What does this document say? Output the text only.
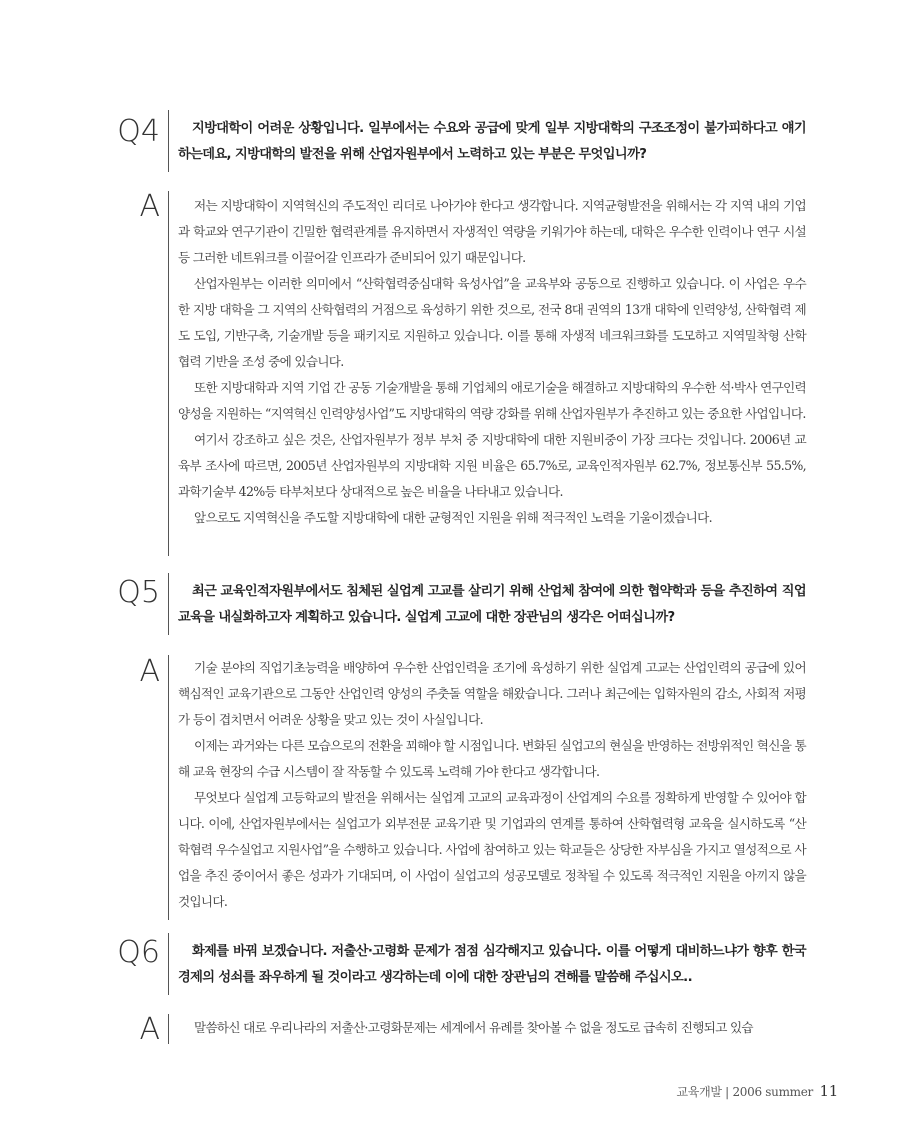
Q4	지방대학이 어려운 상황입니다. 일부에서는 수요와 공급에 맞게 일부 지방대학의 구조조정이 불가피하다고 얘기하는데요, 지방대학의 발전을 위해 산업자원부에서 노력하고 있는 부분은 무엇입니까?
A	저는 지방대학이 지역혁신의 주도적인 리더로 나아가야 한다고 생각합니다. 지역균형발전을 위해서는 각 지역 내의 기업과 학교와 연구기관이 긴밀한 협력관계를 유지하면서 자생적인 역량을 키워가야 하는데, 대학은 우수한 인력이나 연구 시설 등 그러한 네트워크를 이끌어갈 인프라가 준비되어 있기 때문입니다.

산업자원부는 이러한 의미에서 “산학협력중심대학 육성사업”을 교육부와 공동으로 진행하고 있습니다. 이 사업은 우수한 지방 대학을 그 지역의 산학협력의 거점으로 육성하기 위한 것으로, 전국 8대 권역의 13개 대학에 인력양성, 산학협력 제도 도입, 기반구축, 기술개발 등을 패키지로 지원하고 있습니다. 이를 통해 자생적 네크워크화를 도모하고 지역밀착형 산학협력 기반을 조성 중에 있습니다.

또한 지방대학과 지역 기업 간 공동 기술개발을 통해 기업체의 애로기술을 해결하고 지방대학의 우수한 석·박사 연구인력 양성을 지원하는 “지역혁신 인력양성사업”도 지방대학의 역량 강화를 위해 산업자원부가 추진하고 있는 중요한 사업입니다.

여기서 강조하고 싶은 것은, 산업자원부가 정부 부처 중 지방대학에 대한 지원비중이 가장 크다는 것입니다. 2006년 교육부 조사에 따르면, 2005년 산업자원부의 지방대학 지원 비율은 65.7%로, 교육인적자원부 62.7%, 정보통신부 55.5%, 과학기술부 42%등 타부처보다 상대적으로 높은 비율을 나타내고 있습니다.

앞으로도 지역혁신을 주도할 지방대학에 대한 균형적인 지원을 위해 적극적인 노력을 기울이겠습니다.

Q5	최근 교육인적자원부에서도 침체된 실업계 고교를 살리기 위해 산업체 참여에 의한 협약학과 등을 추진하여 직업교육을 내실화하고자 계획하고 있습니다. 실업계 고교에 대한 장관님의 생각은 어떠십니까?
A	기술 분야의 직업기초능력을 배양하여 우수한 산업인력을 조기에 육성하기 위한 실업계 고교는 산업인력의 공급에 있어 핵심적인 교육기관으로 그동안 산업인력 양성의 주춧돌 역할을 해왔습니다. 그러나 최근에는 입학자원의 감소, 사회적 저평가 등이 겹치면서 어려운 상황을 맞고 있는 것이 사실입니다.

이제는 과거와는 다른 모습으로의 전환을 꾀해야 할 시점입니다. 변화된 실업고의 현실을 반영하는 전방위적인 혁신을 통해 교육 현장의 수급 시스템이 잘 작동할 수 있도록 노력해 가야 한다고 생각합니다.

무엇보다 실업계 고등학교의 발전을 위해서는 실업계 고교의 교육과정이 산업계의 수요를 정확하게 반영할 수 있어야 합니다. 이에, 산업자원부에서는 실업고가 외부전문 교육기관 및 기업과의 연계를 통하여 산학협력형 교육을 실시하도록 “산학협력 우수실업고 지원사업”을 수행하고 있습니다. 사업에 참여하고 있는 학교들은 상당한 자부심을 가지고 열성적으로 사업을 추진 중이어서 좋은 성과가 기대되며, 이 사업이 실업고의 성공모델로 정착될 수 있도록 적극적인 지원을 아끼지 않을 것입니다.

Q6	화제를 바꿔 보겠습니다. 저출산·고령화 문제가 점점 심각해지고 있습니다. 이를 어떻게 대비하느냐가 향후 한국경제의 성쇠를 좌우하게 될 것이라고 생각하는데 이에 대한 장관님의 견해를 말씀해 주십시오..
A	말씀하신 대로 우리나라의 저출산·고령화문제는 세계에서 유례를 찾아볼 수 없을 정도로 급속히 진행되고 있습

교육개발 | 2006 summer 11
